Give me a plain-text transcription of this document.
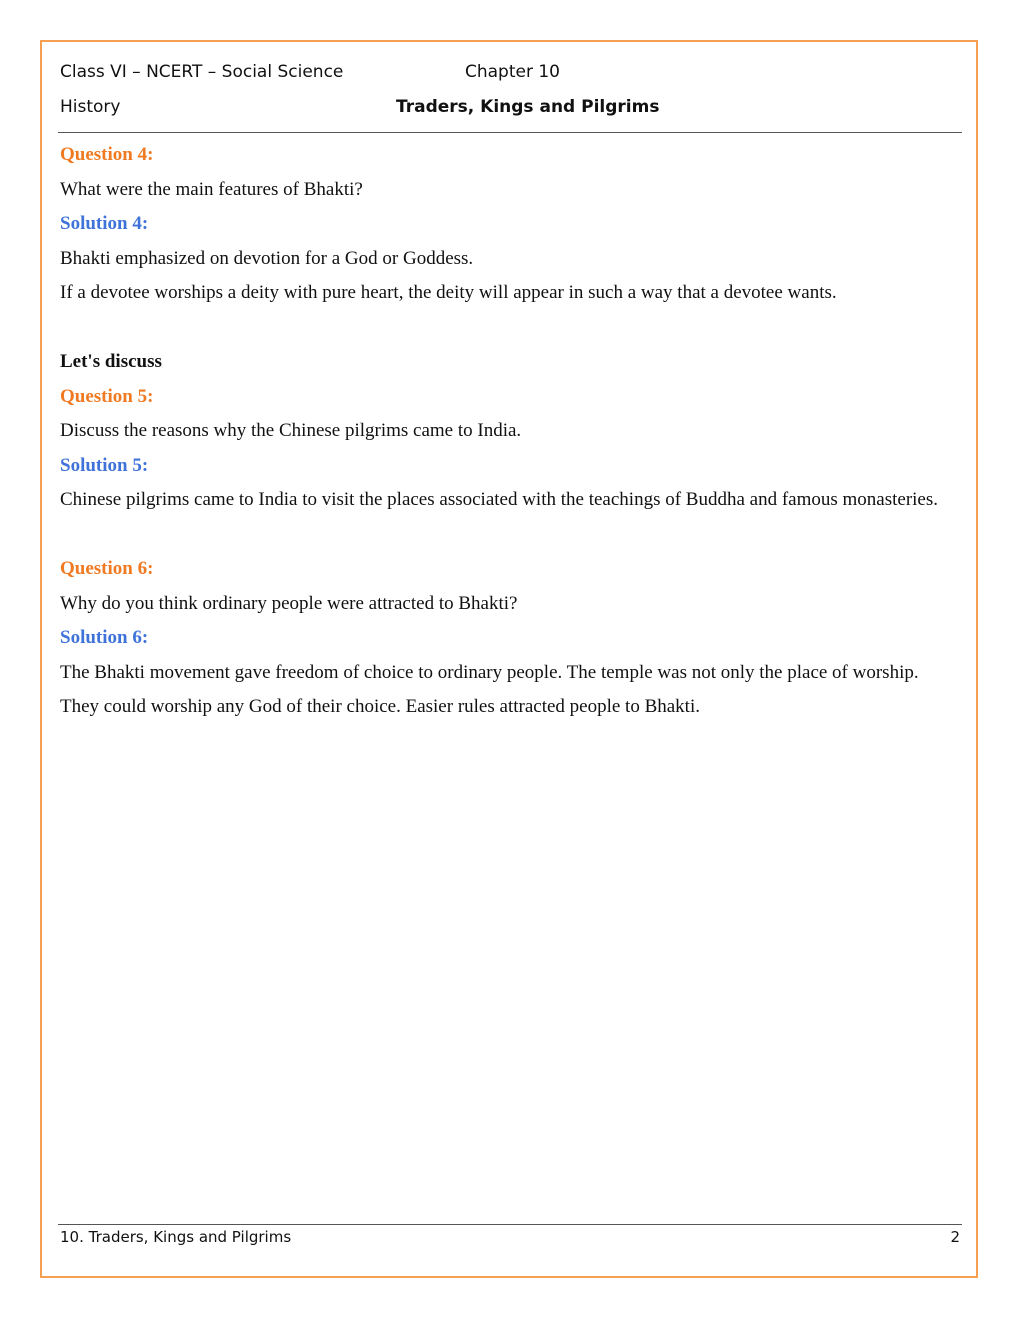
Class VI – NCERT – Social Science	Chapter 10
History	Traders, Kings and Pilgrims

Question 4:

What were the main features of Bhakti?

Solution 4:

Bhakti emphasized on devotion for a God or Goddess.

If a devotee worships a deity with pure heart, the deity will appear in such a way that a devotee wants.

Let's discuss

Question 5:

Discuss the reasons why the Chinese pilgrims came to India.

Solution 5:

Chinese pilgrims came to India to visit the places associated with the teachings of Buddha and famous monasteries.

Question 6:

Why do you think ordinary people were attracted to Bhakti?

Solution 6:

The Bhakti movement gave freedom of choice to ordinary people. The temple was not only the place of worship. They could worship any God of their choice. Easier rules attracted people to Bhakti.

10. Traders, Kings and Pilgrims	2
